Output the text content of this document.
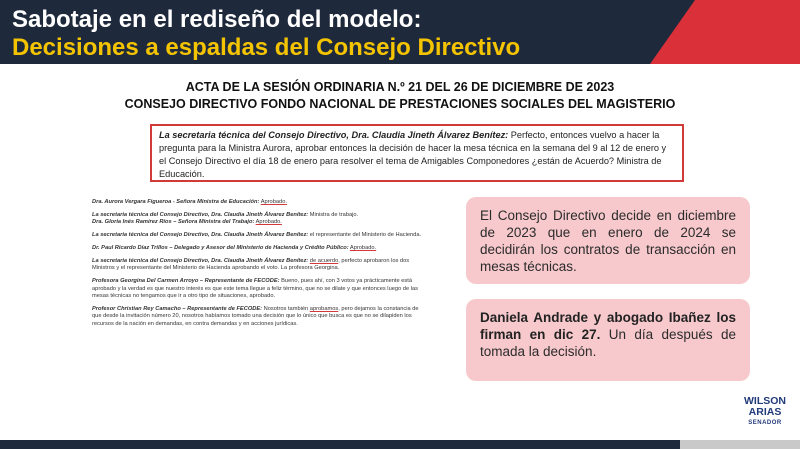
Sabotaje en el rediseño del modelo:
Decisiones a espaldas del Consejo Directivo
ACTA DE LA SESIÓN ORDINARIA N.º 21 DEL 26 DE DICIEMBRE DE 2023
CONSEJO DIRECTIVO FONDO NACIONAL DE PRESTACIONES SOCIALES DEL MAGISTERIO
La secretaria técnica del Consejo Directivo, Dra. Claudia Jineth Álvarez Benítez: Perfecto, entonces vuelvo a hacer la pregunta para la Ministra Aurora, aprobar entonces la decisión de hacer la mesa técnica en la semana del 9 al 12 de enero y el Consejo Directivo el día 18 de enero para resolver el tema de Amigables Componedores ¿están de Acuerdo? Ministra de Educación.

Dra. Aurora Vergara Figueroa - Señora Ministra de Educación: Aprobado.

La secretaria técnica del Consejo Directivo, Dra. Claudia Jineth Álvarez Benítez: Ministra de trabajo.
Dra. Gloria Inés Ramírez Ríos – Señora Ministra del Trabajo: Aprobado.

La secretaria técnica del Consejo Directivo, Dra. Claudia Jineth Álvarez Benítez: el representante del Ministerio de Hacienda.

Dr. Paul Ricardo Díaz Trillos – Delegado y Asesor del Ministerio de Hacienda y Crédito Público: Aprobado.

La secretaria técnica del Consejo Directivo, Dra. Claudia Jineth Álvarez Benítez: de acuerdo, perfecto aprobaron los dos Ministros y el representante del Ministerio de Hacienda aprobando el voto. La profesora Georgina.

Profesora Georgina Del Carmen Arroyo – Representante de FECODE: Bueno, pues ahí, con 3 votos ya prácticamente está aprobado y la verdad es que nuestro interés es que este tema llegue a feliz término, que no se dilate y que entonces luego de las mesas técnicas no tengamos que ir a otro tipo de situaciones, aprobado.

Profesor Christian Rey Camacho – Representante de FECODE: Nosotros también aprobamos, pero dejamos la constancia de que desde la invitación número 20, nosotros habíamos tomado una decisión que lo único que busca es que no se dilapiden los recursos de la nación en demandas, en contra demandas y en acciones jurídicas.

El Consejo Directivo decide en diciembre de 2023 que en enero de 2024 se decidirán los contratos de transacción en mesas técnicas.
Daniela Andrade y abogado Ibañez los firman en dic 27. Un día después de tomada la decisión.
WILSON
ARIAS
SENADOR
